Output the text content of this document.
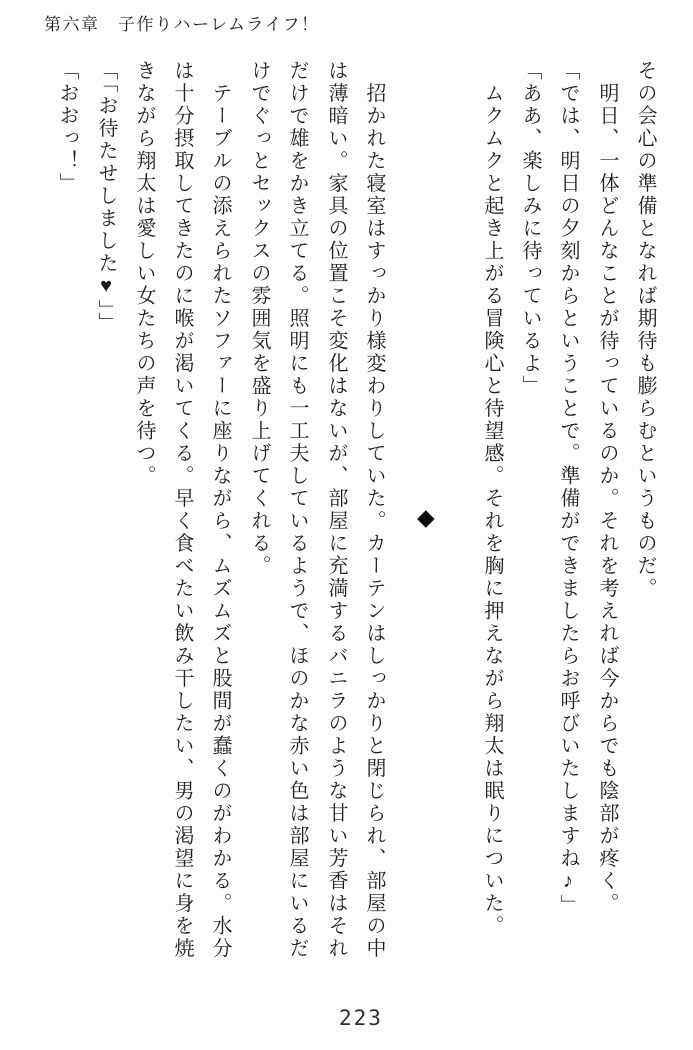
第六章　子作りハーレムライフ！
その会心の準備となれば期待も膨らむというものだ。
　明日、一体どんなことが待っているのか。それを考えれば今からでも陰部が疼く。
「では、明日の夕刻からということで。準備ができましたらお呼びいたしますね♪」
「ああ、楽しみに待っているよ」
　ムクムクと起き上がる冒険心と待望感。それを胸に押えながら翔太は眠りについた。
◆
　招かれた寝室はすっかり様変わりしていた。カーテンはしっかりと閉じられ、部屋の中
は薄暗い。家具の位置こそ変化はないが、部屋に充満するバニラのような甘い芳香はそれ
だけで雄をかき立てる。照明にも一工夫しているようで、ほのかな赤い色は部屋にいるだ
けでぐっとセックスの雰囲気を盛り上げてくれる。
　テーブルの添えられたソファーに座りながら、ムズムズと股間が蠢くのがわかる。水分
は十分摂取してきたのに喉が渇いてくる。早く食べたい飲み干したい、男の渇望に身を焼
きながら翔太は愛しい女たちの声を待つ。
「「お待たせしました♥」」
「おおっ！」
223
